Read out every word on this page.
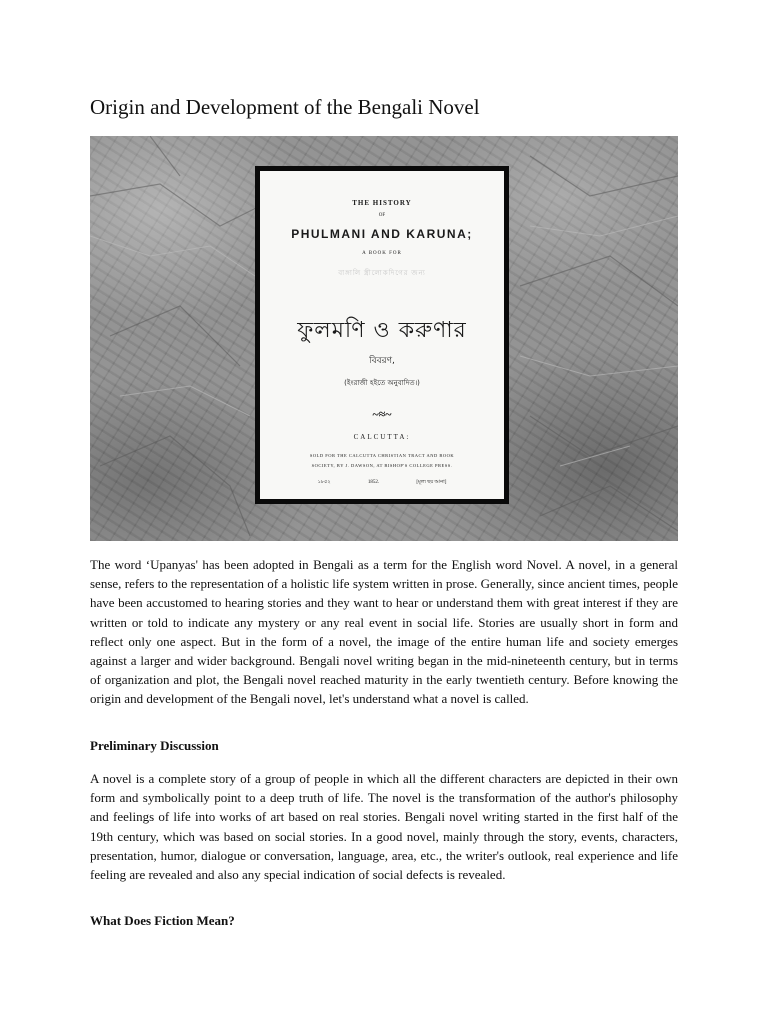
Origin and Development of the Bengali Novel
THE HISTORY
OF
PHULMANI AND KARUNA;
A BOOK FOR
বাঙ্গালি স্ত্রীলোকদিগের জন্য
ফুলমণি ও করুণার
বিবরণ,
(ইংরাজী হইতে অনুবাদিত।)
~≈~
CALCUTTA:
SOLD FOR THE CALCUTTA CHRISTIAN TRACT AND BOOK
SOCIETY, BY J. DAWSON, AT BISHOP'S COLLEGE PRESS.
১৮৫২	1852.	[মূল্য ছয় আনা]

The word ‘Upanyas' has been adopted in Bengali as a term for the English word Novel. A novel, in a general sense, refers to the representation of a holistic life system written in prose. Generally, since ancient times, people have been accustomed to hearing stories and they want to hear or understand them with great interest if they are written or told to indicate any mystery or any real event in social life. Stories are usually short in form and reflect only one aspect. But in the form of a novel, the image of the entire human life and society emerges against a larger and wider background. Bengali novel writing began in the mid-nineteenth century, but in terms of organization and plot, the Bengali novel reached maturity in the early twentieth century. Before knowing the origin and development of the Bengali novel, let's understand what a novel is called.

Preliminary Discussion

A novel is a complete story of a group of people in which all the different characters are depicted in their own form and symbolically point to a deep truth of life. The novel is the transformation of the author's philosophy and feelings of life into works of art based on real stories. Bengali novel writing started in the first half of the 19th century, which was based on social stories. In a good novel, mainly through the story, events, characters, presentation, humor, dialogue or conversation, language, area, etc., the writer's outlook, real experience and life feeling are revealed and also any special indication of social defects is revealed.

What Does Fiction Mean?
